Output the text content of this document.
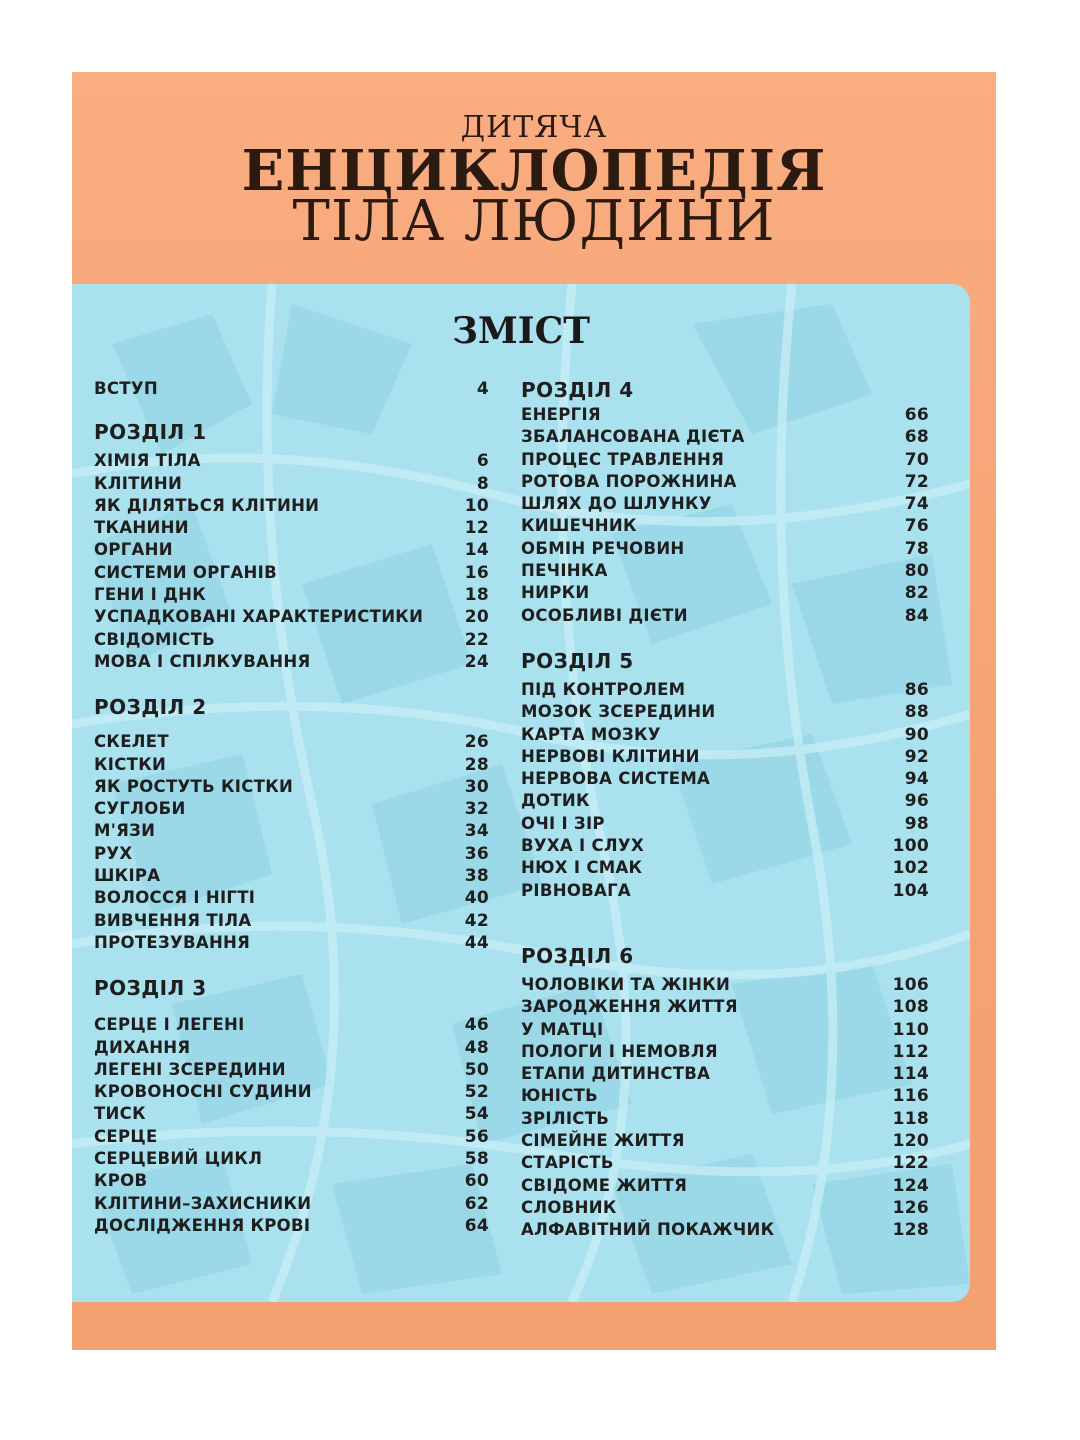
ДИТЯЧА
ЕНЦИКЛОПЕДІЯ
ТІЛА ЛЮДИНИ
ЗМІСТ
ВСТУП	4
РОЗДІЛ 1
ХІМІЯ ТІЛА	6
КЛІТИНИ	8
ЯК ДІЛЯТЬСЯ КЛІТИНИ	10
ТКАНИНИ	12
ОРГАНИ	14
СИСТЕМИ ОРГАНІВ	16
ГЕНИ І ДНК	18
УСПАДКОВАНІ ХАРАКТЕРИСТИКИ 20
СВІДОМІСТЬ	22
МОВА І СПІЛКУВАННЯ	24
РОЗДІЛ 2
СКЕЛЕТ	26
КІСТКИ	28
ЯК РОСТУТЬ КІСТКИ	30
СУГЛОБИ	32
М'ЯЗИ	34
РУХ	36
ШКІРА	38
ВОЛОССЯ І НІГТІ	40
ВИВЧЕННЯ ТІЛА	42
ПРОТЕЗУВАННЯ	44
РОЗДІЛ 3
СЕРЦЕ І ЛЕГЕНІ	46
ДИХАННЯ	48
ЛЕГЕНІ ЗСЕРЕДИНИ	50
КРОВОНОСНІ СУДИНИ	52
ТИСК	54
СЕРЦЕ	56
СЕРЦЕВИЙ ЦИКЛ	58
КРОВ	60
КЛІТИНИ–ЗАХИСНИКИ	62
ДОСЛІДЖЕННЯ КРОВІ	64
РОЗДІЛ 4
ЕНЕРГІЯ	66
ЗБАЛАНСОВАНА ДІЄТА	68
ПРОЦЕС ТРАВЛЕННЯ	70
РОТОВА ПОРОЖНИНА	72
ШЛЯХ ДО ШЛУНКУ	74
КИШЕЧНИК	76
ОБМІН РЕЧОВИН	78
ПЕЧІНКА	80
НИРКИ	82
ОСОБЛИВІ ДІЄТИ	84
РОЗДІЛ 5
ПІД КОНТРОЛЕМ	86
МОЗОК ЗСЕРЕДИНИ	88
КАРТА МОЗКУ	90
НЕРВОВІ КЛІТИНИ	92
НЕРВОВА СИСТЕМА	94
ДОТИК	96
ОЧІ І ЗІР	98
ВУХА І СЛУХ	100
НЮХ І СМАК	102
РІВНОВАГА	104
РОЗДІЛ 6
ЧОЛОВІКИ ТА ЖІНКИ	106
ЗАРОДЖЕННЯ ЖИТТЯ	108
У МАТЦІ	110
ПОЛОГИ І НЕМОВЛЯ	112
ЕТАПИ ДИТИНСТВА	114
ЮНІСТЬ	116
ЗРІЛІСТЬ	118
СІМЕЙНЕ ЖИТТЯ	120
СТАРІСТЬ	122
СВІДОМЕ ЖИТТЯ	124
СЛОВНИК	126
АЛФАВІТНИЙ ПОКАЖЧИК	128
